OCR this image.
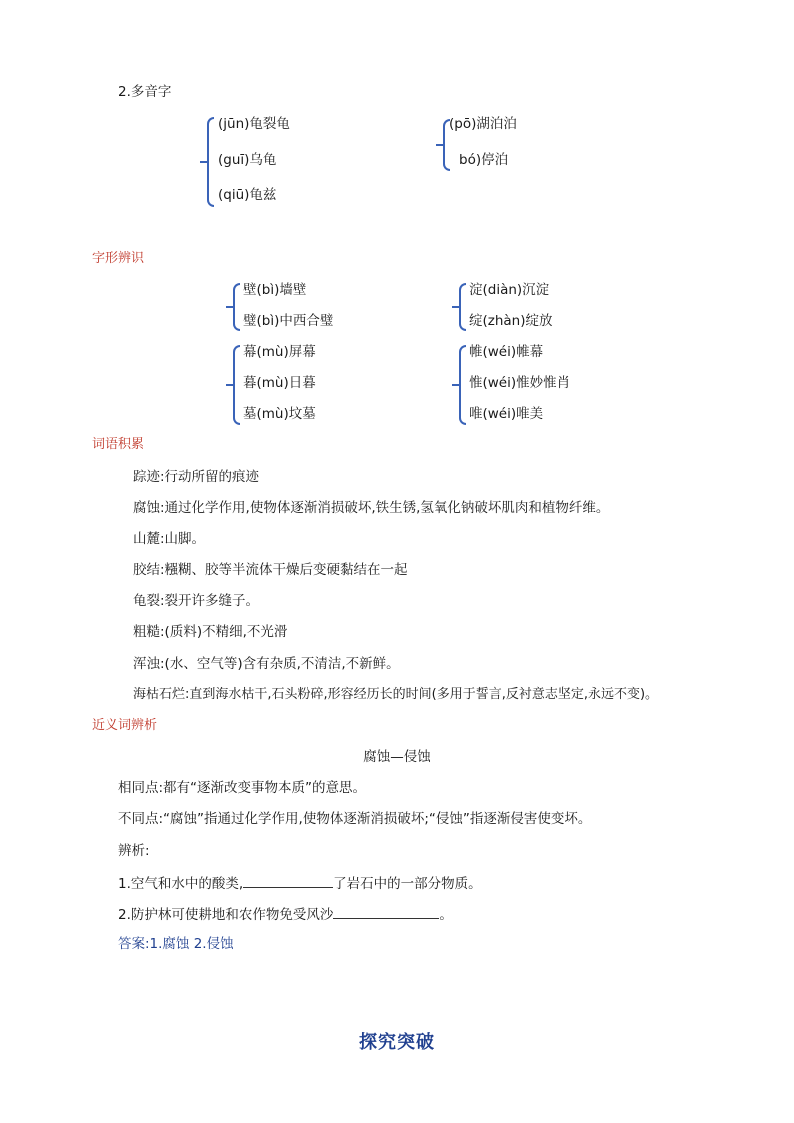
2.多音字
(jūn)龟裂龟
(guī)乌龟
(qiū)龟兹
(pō)湖泊泊
bó)停泊
字形辨识
壁(bì)墙壁
璧(bì)中西合璧
淀(diàn)沉淀
绽(zhàn)绽放
幕(mù)屏幕
暮(mù)日暮
墓(mù)坟墓
帷(wéi)帷幕
惟(wéi)惟妙惟肖
唯(wéi)唯美
词语积累
踪迹:行动所留的痕迹
腐蚀:通过化学作用,使物体逐渐消损破坏,铁生锈,氢氧化钠破坏肌肉和植物纤维。
山麓:山脚。
胶结:糨糊、胶等半流体干燥后变硬黏结在一起
龟裂:裂开许多缝子。
粗糙:(质料)不精细,不光滑
浑浊:(水、空气等)含有杂质,不清洁,不新鲜。
海枯石烂:直到海水枯干,石头粉碎,形容经历长的时间(多用于誓言,反衬意志坚定,永远不变)。
近义词辨析
腐蚀—侵蚀
相同点:都有“逐渐改变事物本质”的意思。
不同点:“腐蚀”指通过化学作用,使物体逐渐消损破坏;“侵蚀”指逐渐侵害使变坏。
辨析:
1.空气和水中的酸类,	了岩石中的一部分物质。
2.防护林可使耕地和农作物免受风沙	。
答案:1.腐蚀 2.侵蚀
探究突破
